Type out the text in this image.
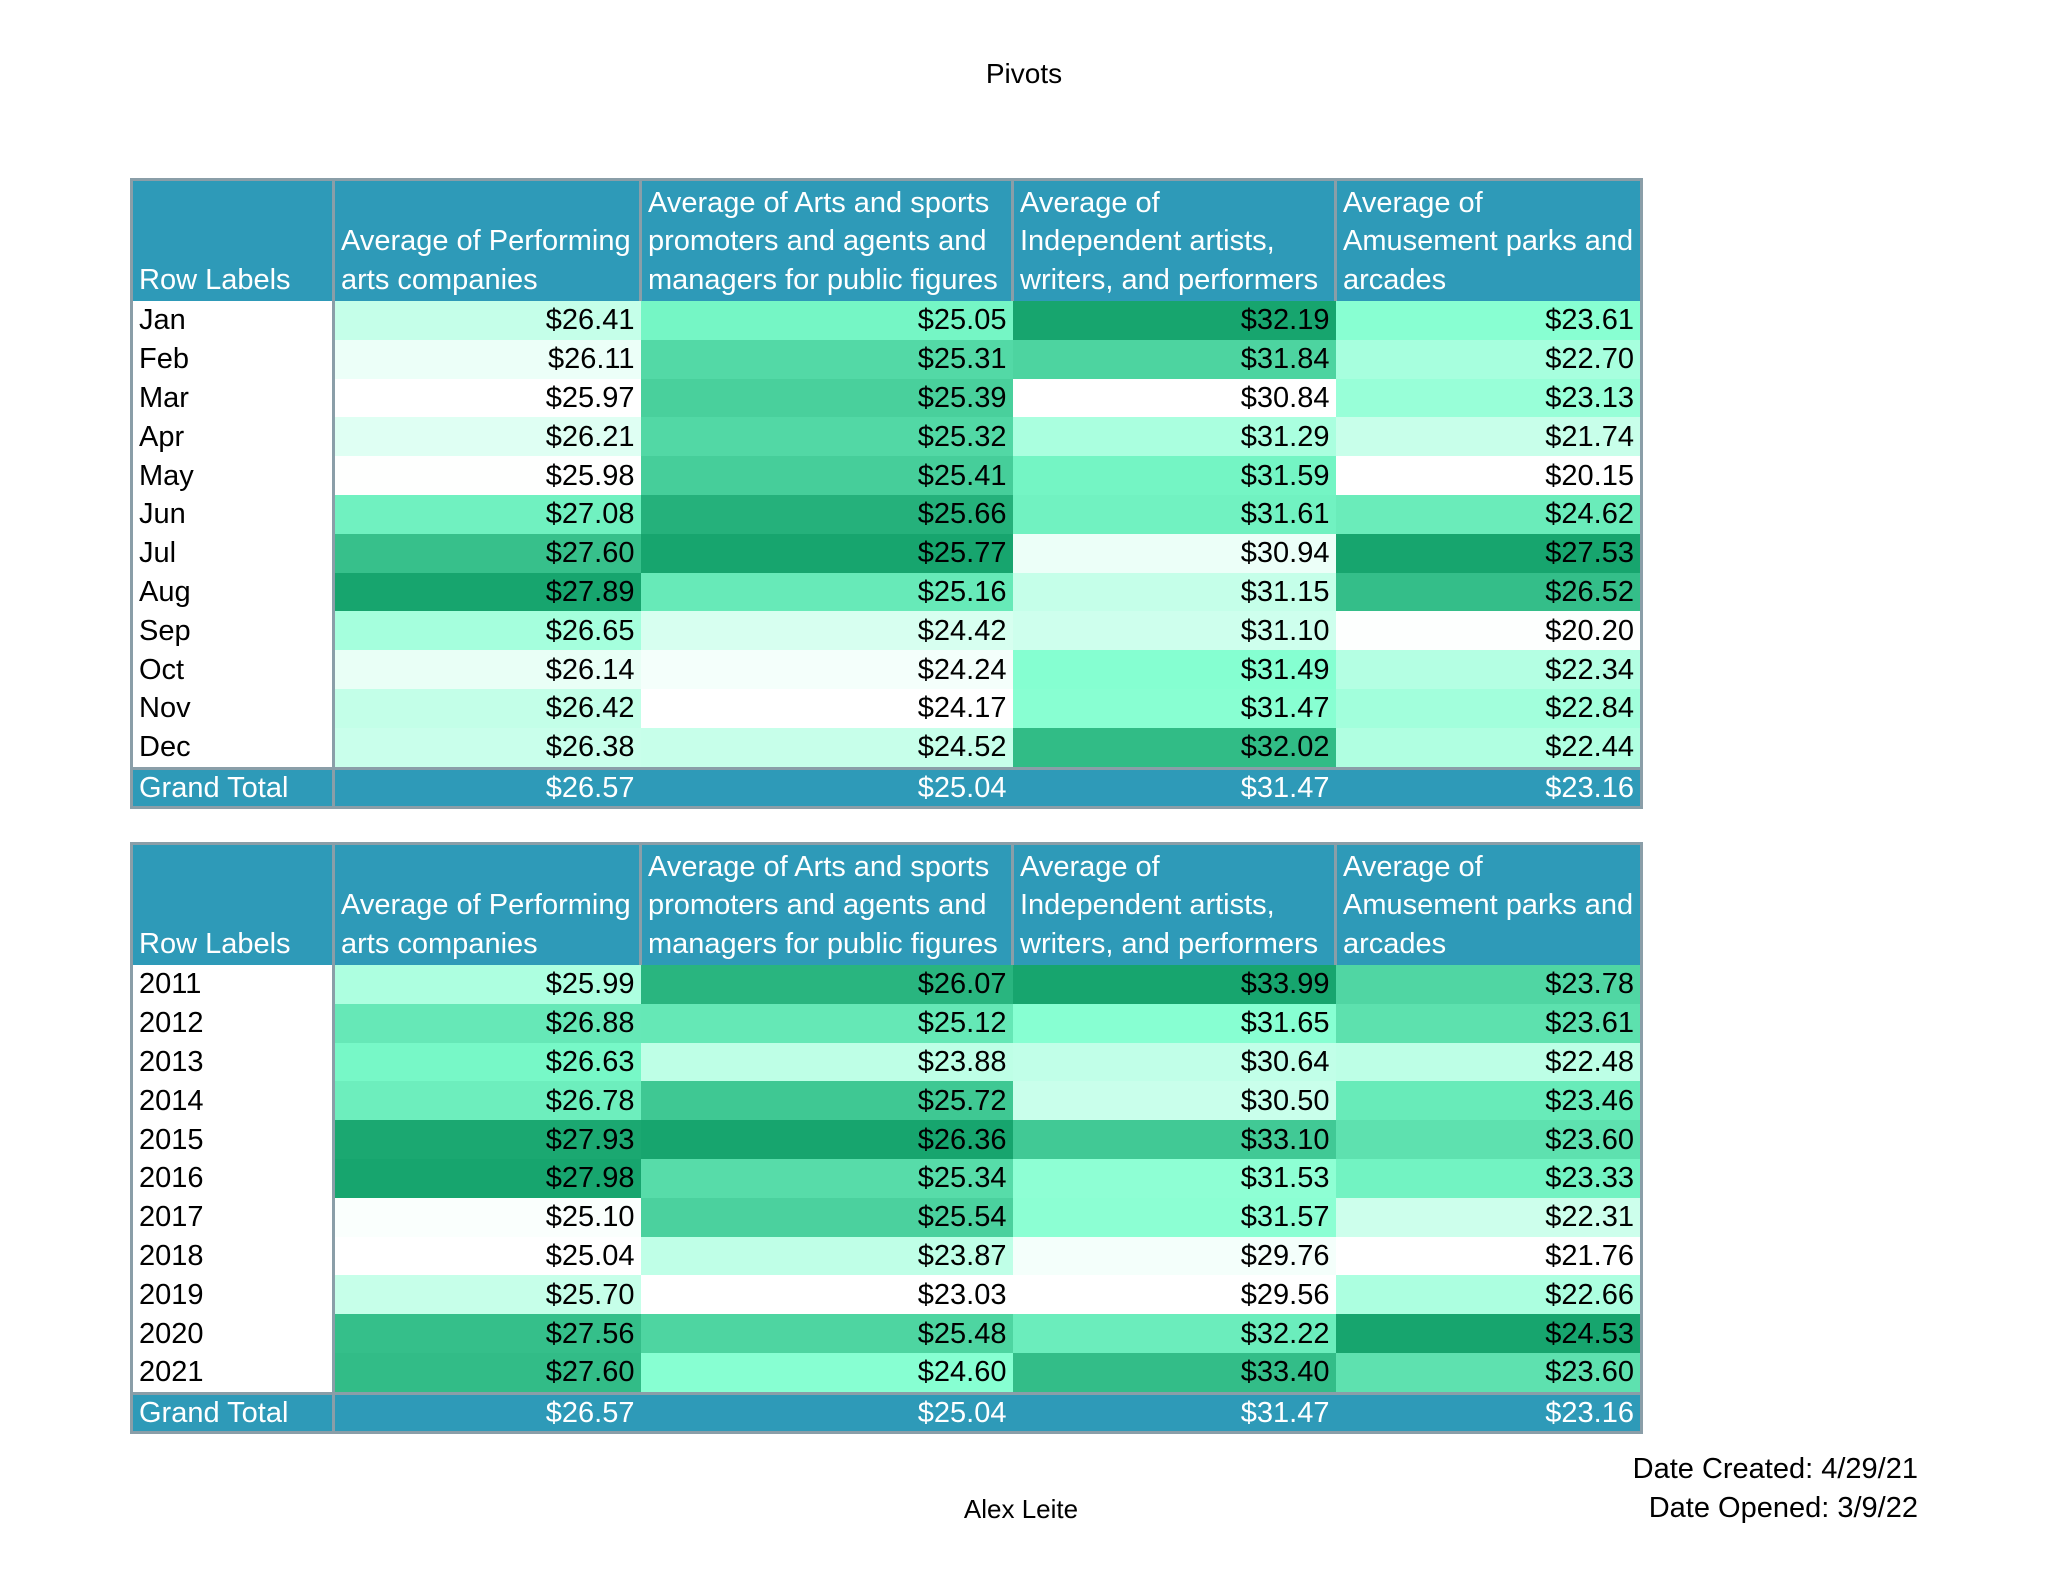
Pivots
Row Labels	Average of Performing arts companies	Average of Arts and sports promoters and agents and managers for public figures	Average of Independent artists, writers, and performers	Average of Amusement parks and arcades
Jan	$26.41	$25.05	$32.19	$23.61
Feb	$26.11	$25.31	$31.84	$22.70
Mar	$25.97	$25.39	$30.84	$23.13
Apr	$26.21	$25.32	$31.29	$21.74
May	$25.98	$25.41	$31.59	$20.15
Jun	$27.08	$25.66	$31.61	$24.62
Jul	$27.60	$25.77	$30.94	$27.53
Aug	$27.89	$25.16	$31.15	$26.52
Sep	$26.65	$24.42	$31.10	$20.20
Oct	$26.14	$24.24	$31.49	$22.34
Nov	$26.42	$24.17	$31.47	$22.84
Dec	$26.38	$24.52	$32.02	$22.44
Grand Total	$26.57	$25.04	$31.47	$23.16
Row Labels	Average of Performing arts companies	Average of Arts and sports promoters and agents and managers for public figures	Average of Independent artists, writers, and performers	Average of Amusement parks and arcades
2011	$25.99	$26.07	$33.99	$23.78
2012	$26.88	$25.12	$31.65	$23.61
2013	$26.63	$23.88	$30.64	$22.48
2014	$26.78	$25.72	$30.50	$23.46
2015	$27.93	$26.36	$33.10	$23.60
2016	$27.98	$25.34	$31.53	$23.33
2017	$25.10	$25.54	$31.57	$22.31
2018	$25.04	$23.87	$29.76	$21.76
2019	$25.70	$23.03	$29.56	$22.66
2020	$27.56	$25.48	$32.22	$24.53
2021	$27.60	$24.60	$33.40	$23.60
Grand Total	$26.57	$25.04	$31.47	$23.16
Alex Leite
Date Created: 4/29/21
Date Opened: 3/9/22
